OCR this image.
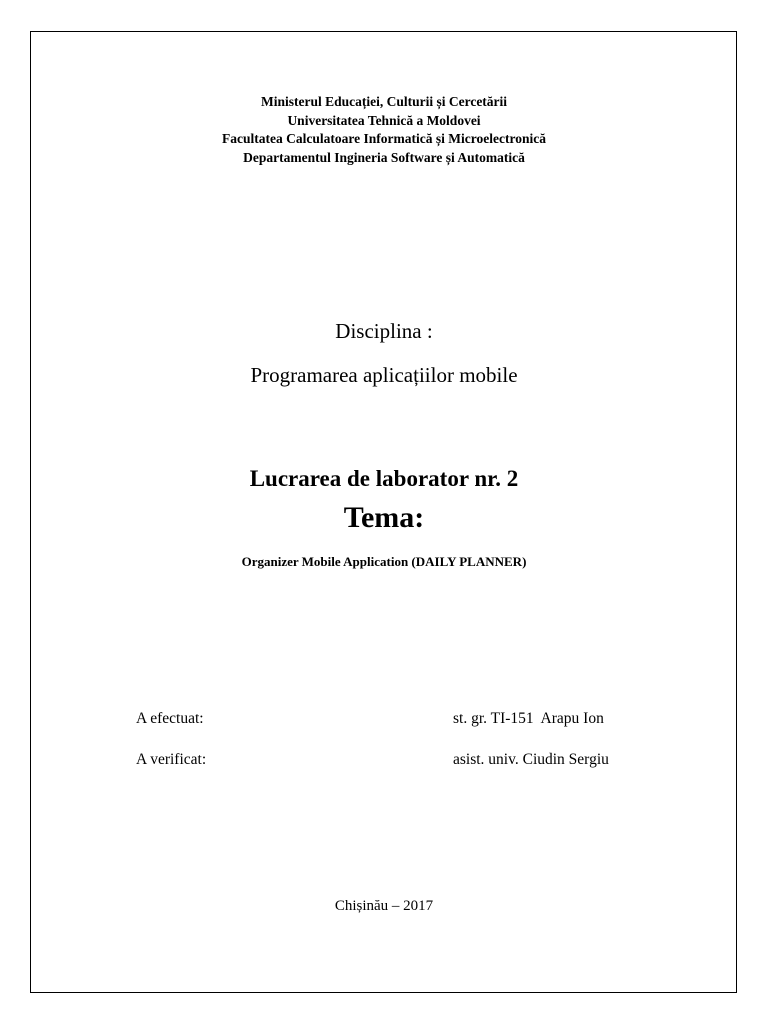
Ministerul Educației, Culturii și Cercetării
Universitatea Tehnică a Moldovei
Facultatea Calculatoare Informatică și Microelectronică
Departamentul Ingineria Software și Automatică
Disciplina :
Programarea aplicațiilor mobile
Lucrarea de laborator nr. 2
Tema:
Organizer Mobile Application (DAILY PLANNER)
A efectuat:	st. gr. TI-151  Arapu Ion
A verificat:	asist. univ. Ciudin Sergiu
Chișinău – 2017
